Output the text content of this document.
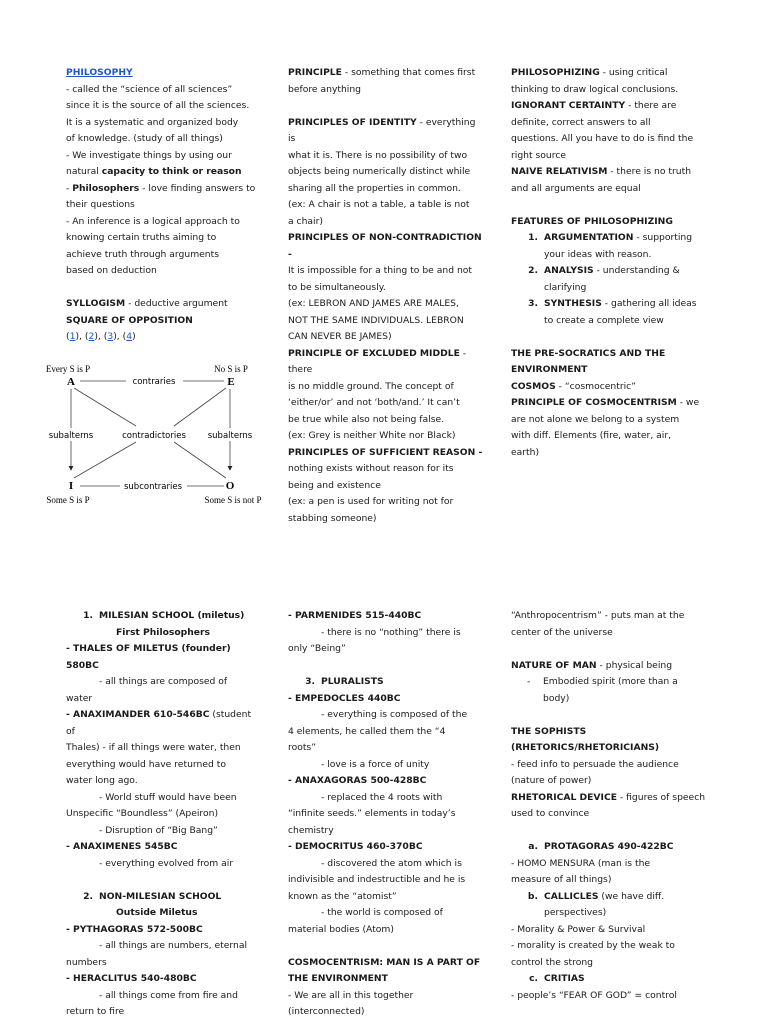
PHILOSOPHY

- called the “science of all sciences”

since it is the source of all the sciences.

It is a systematic and organized body

of knowledge. (study of all things)

- We investigate things by using our

natural capacity to think or reason

- Philosophers - love finding answers to

their questions

- An inference is a logical approach to

knowing certain truths aiming to

achieve truth through arguments

based on deduction

SYLLOGISM - deductive argument

SQUARE OF OPPOSITION

(1), (2), (3), (4)

Every S is P	No S is P
A	E
contraries
contradictories
subalterns	subalterns
I	O
subcontraries
Some S is P	Some S is not P

PRINCIPLE - something that comes first

before anything

PRINCIPLES OF IDENTITY - everything is

what it is. There is no possibility of two

objects being numerically distinct while

sharing all the properties in common.

(ex: A chair is not a table, a table is not

a chair)

PRINCIPLES OF NON-CONTRADICTION -

It is impossible for a thing to be and not

to be simultaneously.

(ex: LEBRON AND JAMES ARE MALES,

NOT THE SAME INDIVIDUALS. LEBRON

CAN NEVER BE JAMES)

PRINCIPLE OF EXCLUDED MIDDLE - there

is no middle ground. The concept of

‘either/or’ and not ‘both/and.’ It can’t

be true while also not being false.

(ex: Grey is neither White nor Black)

PRINCIPLES OF SUFFICIENT REASON -

nothing exists without reason for its

being and existence

(ex: a pen is used for writing not for

stabbing someone)

PHILOSOPHIZING - using critical

thinking to draw logical conclusions.

IGNORANT CERTAINTY - there are

definite, correct answers to all

questions. All you have to do is find the

right source

NAIVE RELATIVISM - there is no truth

and all arguments are equal

FEATURES OF PHILOSOPHIZING

1. ARGUMENTATION - supporting

your ideas with reason.

2. ANALYSIS - understanding &

clarifying

3. SYNTHESIS - gathering all ideas

to create a complete view

THE PRE-SOCRATICS AND THE

ENVIRONMENT

COSMOS - “cosmocentric”

PRINCIPLE OF COSMOCENTRISM - we

are not alone we belong to a system

with diff. Elements (fire, water, air,

earth)

1. MILESIAN SCHOOL (miletus)

First Philosophers

- THALES OF MILETUS (founder) 580BC

- all things are composed of

water

- ANAXIMANDER 610-546BC (student of

Thales) - if all things were water, then

everything would have returned to

water long ago.

- World stuff would have been

Unspecific “Boundless” (Apeiron)

- Disruption of “Big Bang”

- ANAXIMENES 545BC

- everything evolved from air

2. NON-MILESIAN SCHOOL

Outside Miletus

- PYTHAGORAS 572-500BC

- all things are numbers, eternal

numbers

- HERACLITUS 540-480BC

- all things come from fire and

return to fire

- PARMENIDES 515-440BC

- there is no “nothing” there is

only “Being”

3. PLURALISTS

- EMPEDOCLES 440BC

- everything is composed of the

4 elements, he called them the “4

roots”

- love is a force of unity

- ANAXAGORAS 500-428BC

- replaced the 4 roots with

“infinite seeds.” elements in today’s

chemistry

- DEMOCRITUS 460-370BC

- discovered the atom which is

indivisible and indestructible and he is

known as the “atomist”

- the world is composed of

material bodies (Atom)

COSMOCENTRISM: MAN IS A PART OF

THE ENVIRONMENT

- We are all in this together

(interconnected)

“Anthropocentrism” - puts man at the

center of the universe

NATURE OF MAN - physical being

-	Embodied spirit (more than a

body)

THE SOPHISTS

(RHETORICS/RHETORICIANS)

- feed info to persuade the audience

(nature of power)

RHETORICAL DEVICE - figures of speech

used to convince

a. PROTAGORAS 490-422BC

- HOMO MENSURA (man is the

measure of all things)

b. CALLICLES (we have diff.

perspectives)

- Morality & Power & Survival

- morality is created by the weak to

control the strong

c. CRITIAS

- people’s “FEAR OF GOD” = control
